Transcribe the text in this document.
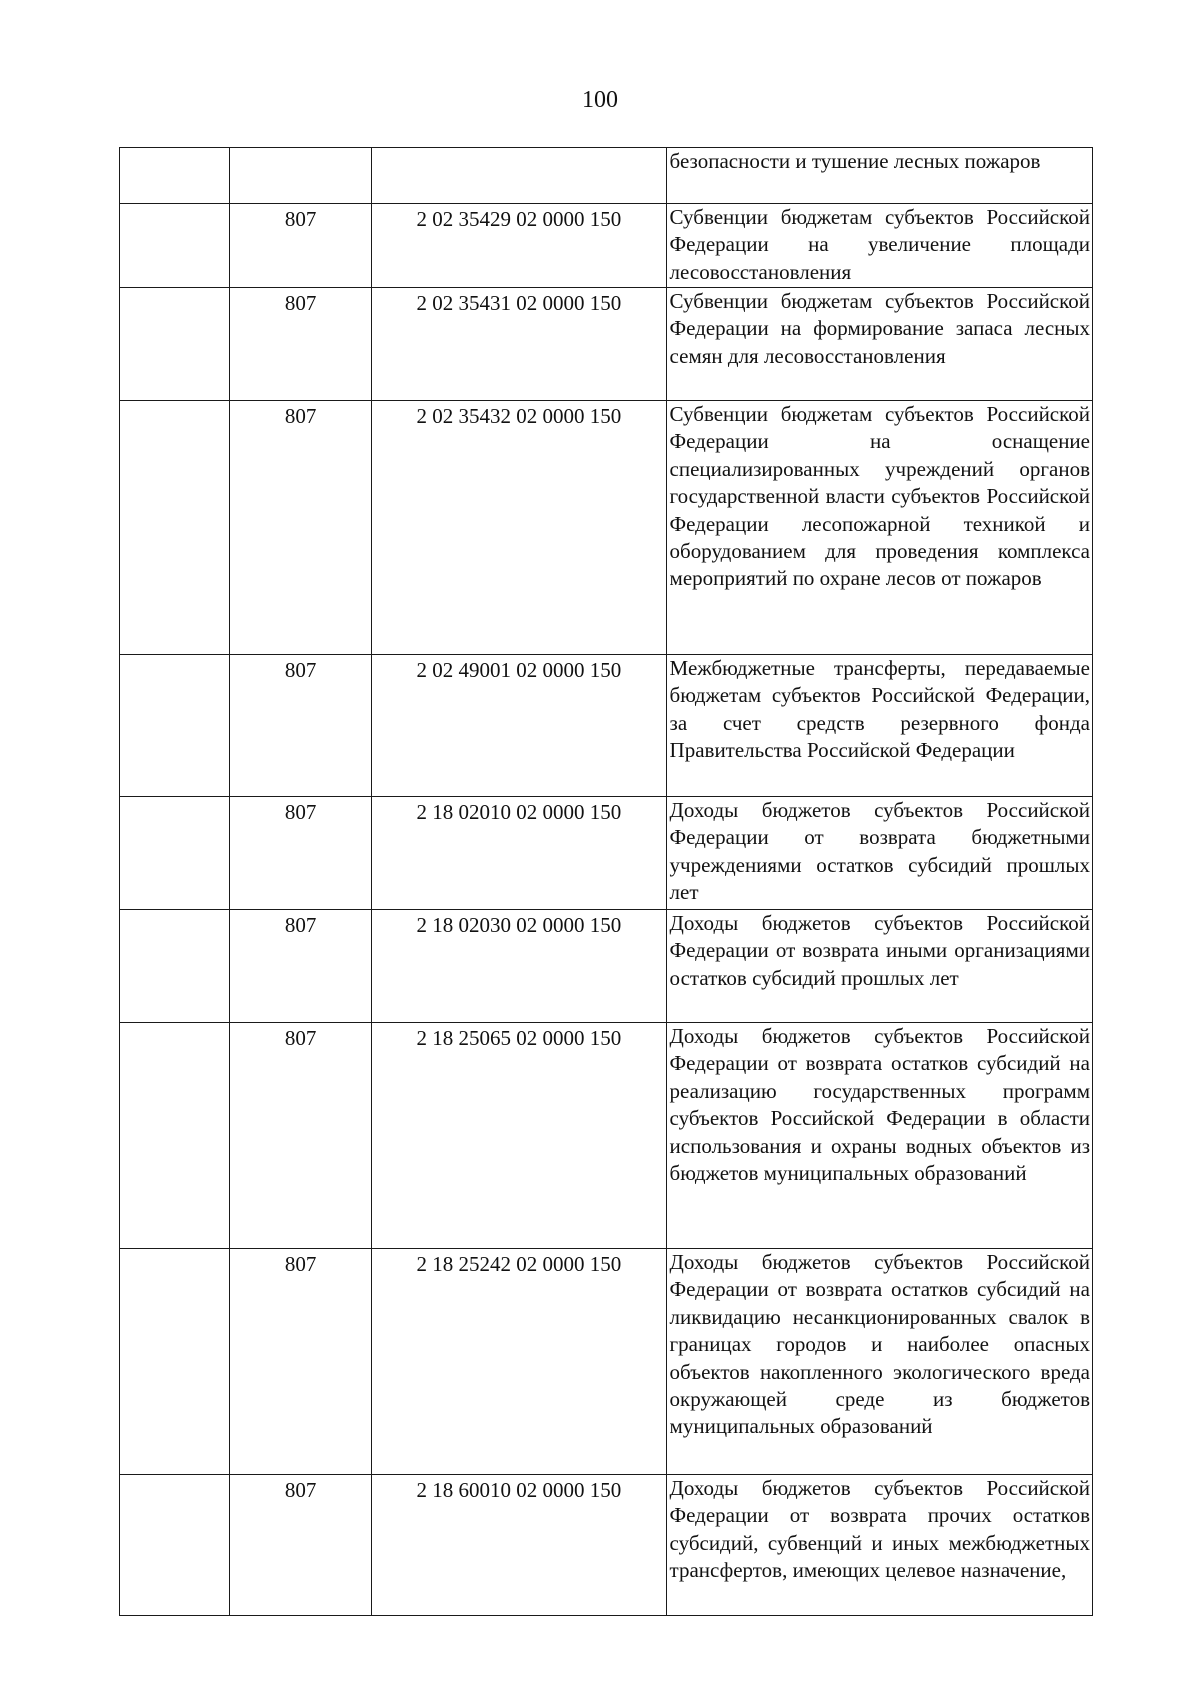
100
			безопасности и тушение лесных пожаров
	807	2 02 35429 02 0000 150	Субвенции бюджетам субъектов Российской Федерации на увеличение площади лесовосстановления
	807	2 02 35431 02 0000 150	Субвенции бюджетам субъектов Российской Федерации на формирование запаса лесных семян для лесовосстановления
	807	2 02 35432 02 0000 150	Субвенции бюджетам субъектов Российской Федерации на оснащение специализированных учреждений органов государственной власти субъектов Российской Федерации лесопожарной техникой и оборудованием для проведения комплекса мероприятий по охране лесов от пожаров
	807	2 02 49001 02 0000 150	Межбюджетные трансферты, передаваемые бюджетам субъектов Российской Федерации, за счет средств резервного фонда Правительства Российской Федерации
	807	2 18 02010 02 0000 150	Доходы бюджетов субъектов Российской Федерации от возврата бюджетными учреждениями остатков субсидий прошлых лет
	807	2 18 02030 02 0000 150	Доходы бюджетов субъектов Российской Федерации от возврата иными организациями остатков субсидий прошлых лет
	807	2 18 25065 02 0000 150	Доходы бюджетов субъектов Российской Федерации от возврата остатков субсидий на реализацию государственных программ субъектов Российской Федерации в области использования и охраны водных объектов из бюджетов муниципальных образований
	807	2 18 25242 02 0000 150	Доходы бюджетов субъектов Российской Федерации от возврата остатков субсидий на ликвидацию несанкционированных свалок в границах городов и наиболее опасных объектов накопленного экологического вреда окружающей среде из бюджетов муниципальных образований
	807	2 18 60010 02 0000 150	Доходы бюджетов субъектов Российской Федерации от возврата прочих остатков субсидий, субвенций и иных межбюджетных трансфертов, имеющих целевое назначение,
